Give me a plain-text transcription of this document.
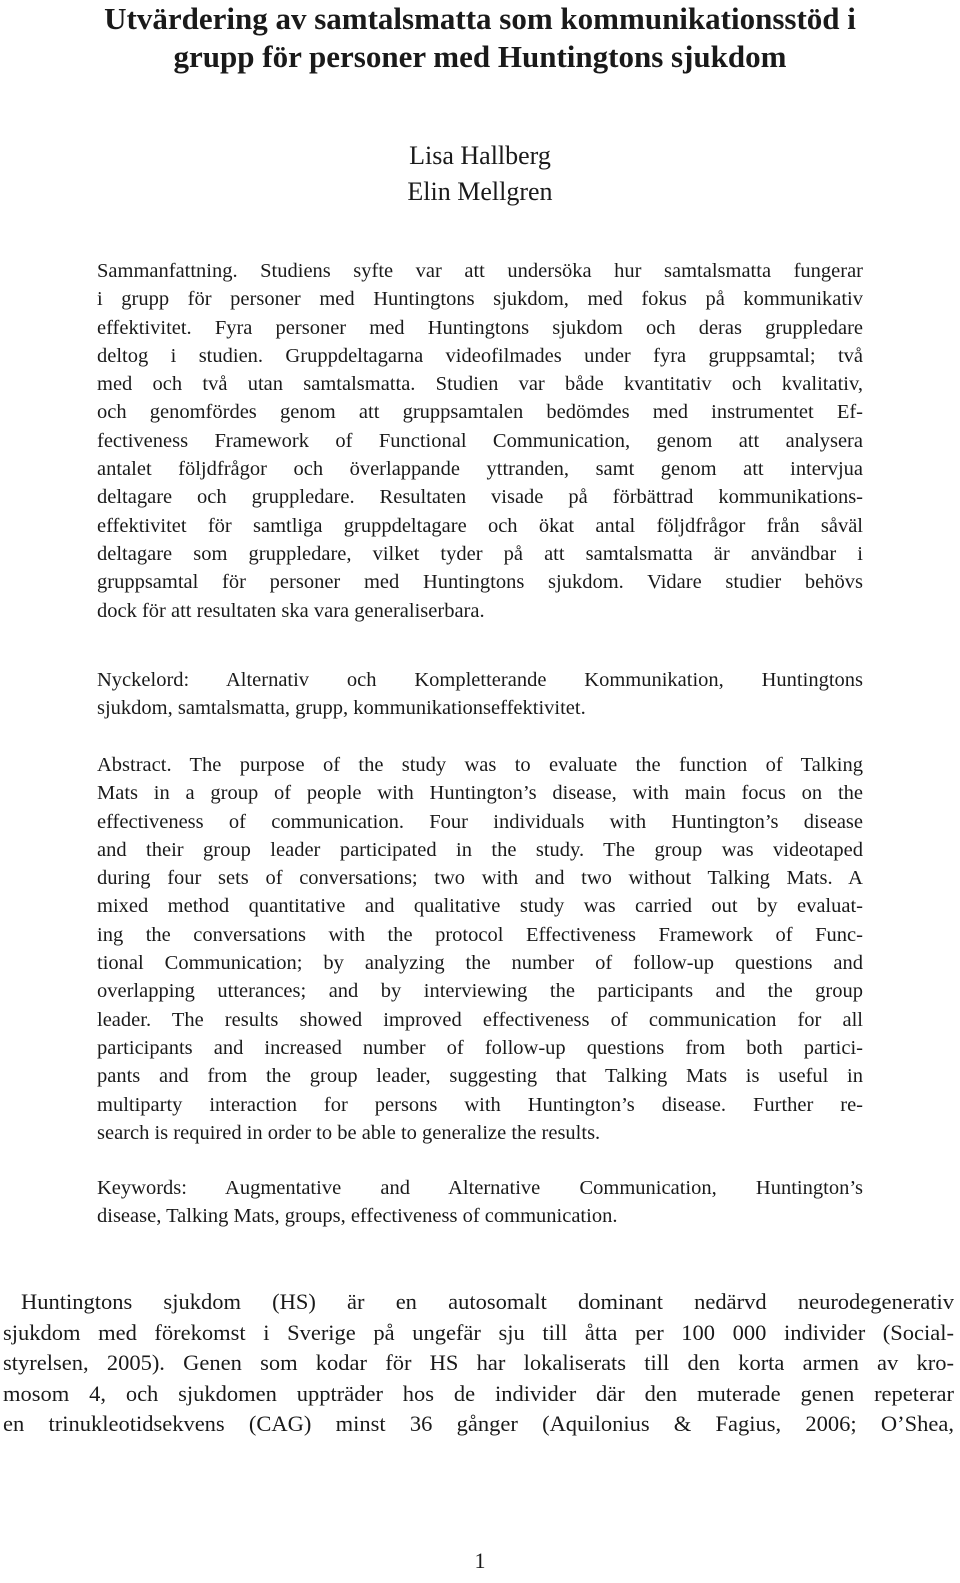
Utvärdering av samtalsmatta som kommunikationsstöd i
grupp för personer med Huntingtons sjukdom
Lisa Hallberg
Elin Mellgren

Sammanfattning. Studiens syfte var att undersöka hur samtalsmatta fungerar
i grupp för personer med Huntingtons sjukdom, med fokus på kommunikativ
effektivitet. Fyra personer med Huntingtons sjukdom och deras gruppledare
deltog i studien. Gruppdeltagarna videofilmades under fyra gruppsamtal; två
med och två utan samtalsmatta. Studien var både kvantitativ och kvalitativ,
och genomfördes genom att gruppsamtalen bedömdes med instrumentet Ef-
fectiveness Framework of Functional Communication, genom att analysera
antalet följdfrågor och överlappande yttranden, samt genom att intervjua
deltagare och gruppledare. Resultaten visade på förbättrad kommunikations-
effektivitet för samtliga gruppdeltagare och ökat antal följdfrågor från såväl
deltagare som gruppledare, vilket tyder på att samtalsmatta är användbar i
gruppsamtal för personer med Huntingtons sjukdom. Vidare studier behövs
dock för att resultaten ska vara generaliserbara.

Nyckelord: Alternativ och Kompletterande Kommunikation, Huntingtons
sjukdom, samtalsmatta, grupp, kommunikationseffektivitet.

Abstract. The purpose of the study was to evaluate the function of Talking
Mats in a group of people with Huntington’s disease, with main focus on the
effectiveness of communication. Four individuals with Huntington’s disease
and their group leader participated in the study. The group was videotaped
during four sets of conversations; two with and two without Talking Mats. A
mixed method quantitative and qualitative study was carried out by evaluat-
ing the conversations with the protocol Effectiveness Framework of Func-
tional Communication; by analyzing the number of follow-up questions and
overlapping utterances; and by interviewing the participants and the group
leader. The results showed improved effectiveness of communication for all
participants and increased number of follow-up questions from both partici-
pants and from the group leader, suggesting that Talking Mats is useful in
multiparty interaction for persons with Huntington’s disease. Further re-
search is required in order to be able to generalize the results.

Keywords: Augmentative and Alternative Communication, Huntington’s
disease, Talking Mats, groups, effectiveness of communication.

Huntingtons sjukdom (HS) är en autosomalt dominant nedärvd neurodegenerativ
sjukdom med förekomst i Sverige på ungefär sju till åtta per 100 000 individer (Social-
styrelsen, 2005). Genen som kodar för HS har lokaliserats till den korta armen av kro-
mosom 4, och sjukdomen uppträder hos de individer där den muterade genen repeterar
en trinukleotidsekvens (CAG) minst 36 gånger (Aquilonius & Fagius, 2006; O’Shea,

1
